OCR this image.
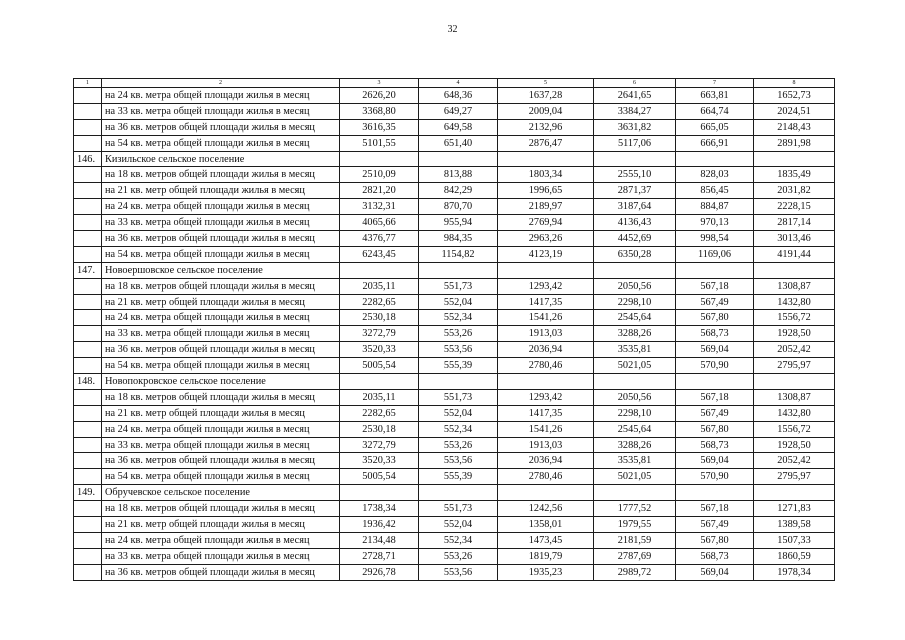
32
1	2	3	4	5	6	7	8
	на 24 кв. метра общей площади жилья в месяц	2626,20	648,36	1637,28	2641,65	663,81	1652,73
	на 33 кв. метра общей площади жилья в месяц	3368,80	649,27	2009,04	3384,27	664,74	2024,51
	на 36 кв. метров общей площади жилья в месяц	3616,35	649,58	2132,96	3631,82	665,05	2148,43
	на 54 кв. метра общей площади жилья в месяц	5101,55	651,40	2876,47	5117,06	666,91	2891,98
146.	Кизильское сельское поселение						
	на 18 кв. метров общей площади жилья в месяц	2510,09	813,88	1803,34	2555,10	828,03	1835,49
	на 21 кв. метр общей площади жилья в месяц	2821,20	842,29	1996,65	2871,37	856,45	2031,82
	на 24 кв. метра общей площади жилья в месяц	3132,31	870,70	2189,97	3187,64	884,87	2228,15
	на 33 кв. метра общей площади жилья в месяц	4065,66	955,94	2769,94	4136,43	970,13	2817,14
	на 36 кв. метров общей площади жилья в месяц	4376,77	984,35	2963,26	4452,69	998,54	3013,46
	на 54 кв. метра общей площади жилья в месяц	6243,45	1154,82	4123,19	6350,28	1169,06	4191,44
147.	Новоершовское сельское поселение						
	на 18 кв. метров общей площади жилья в месяц	2035,11	551,73	1293,42	2050,56	567,18	1308,87
	на 21 кв. метр общей площади жилья в месяц	2282,65	552,04	1417,35	2298,10	567,49	1432,80
	на 24 кв. метра общей площади жилья в месяц	2530,18	552,34	1541,26	2545,64	567,80	1556,72
	на 33 кв. метра общей площади жилья в месяц	3272,79	553,26	1913,03	3288,26	568,73	1928,50
	на 36 кв. метров общей площади жилья в месяц	3520,33	553,56	2036,94	3535,81	569,04	2052,42
	на 54 кв. метра общей площади жилья в месяц	5005,54	555,39	2780,46	5021,05	570,90	2795,97
148.	Новопокровское сельское поселение						
	на 18 кв. метров общей площади жилья в месяц	2035,11	551,73	1293,42	2050,56	567,18	1308,87
	на 21 кв. метр общей площади жилья в месяц	2282,65	552,04	1417,35	2298,10	567,49	1432,80
	на 24 кв. метра общей площади жилья в месяц	2530,18	552,34	1541,26	2545,64	567,80	1556,72
	на 33 кв. метра общей площади жилья в месяц	3272,79	553,26	1913,03	3288,26	568,73	1928,50
	на 36 кв. метров общей площади жилья в месяц	3520,33	553,56	2036,94	3535,81	569,04	2052,42
	на 54 кв. метра общей площади жилья в месяц	5005,54	555,39	2780,46	5021,05	570,90	2795,97
149.	Обручевское сельское поселение						
	на 18 кв. метров общей площади жилья в месяц	1738,34	551,73	1242,56	1777,52	567,18	1271,83
	на 21 кв. метр общей площади жилья в месяц	1936,42	552,04	1358,01	1979,55	567,49	1389,58
	на 24 кв. метра общей площади жилья в месяц	2134,48	552,34	1473,45	2181,59	567,80	1507,33
	на 33 кв. метра общей площади жилья в месяц	2728,71	553,26	1819,79	2787,69	568,73	1860,59
	на 36 кв. метров общей площади жилья в месяц	2926,78	553,56	1935,23	2989,72	569,04	1978,34
